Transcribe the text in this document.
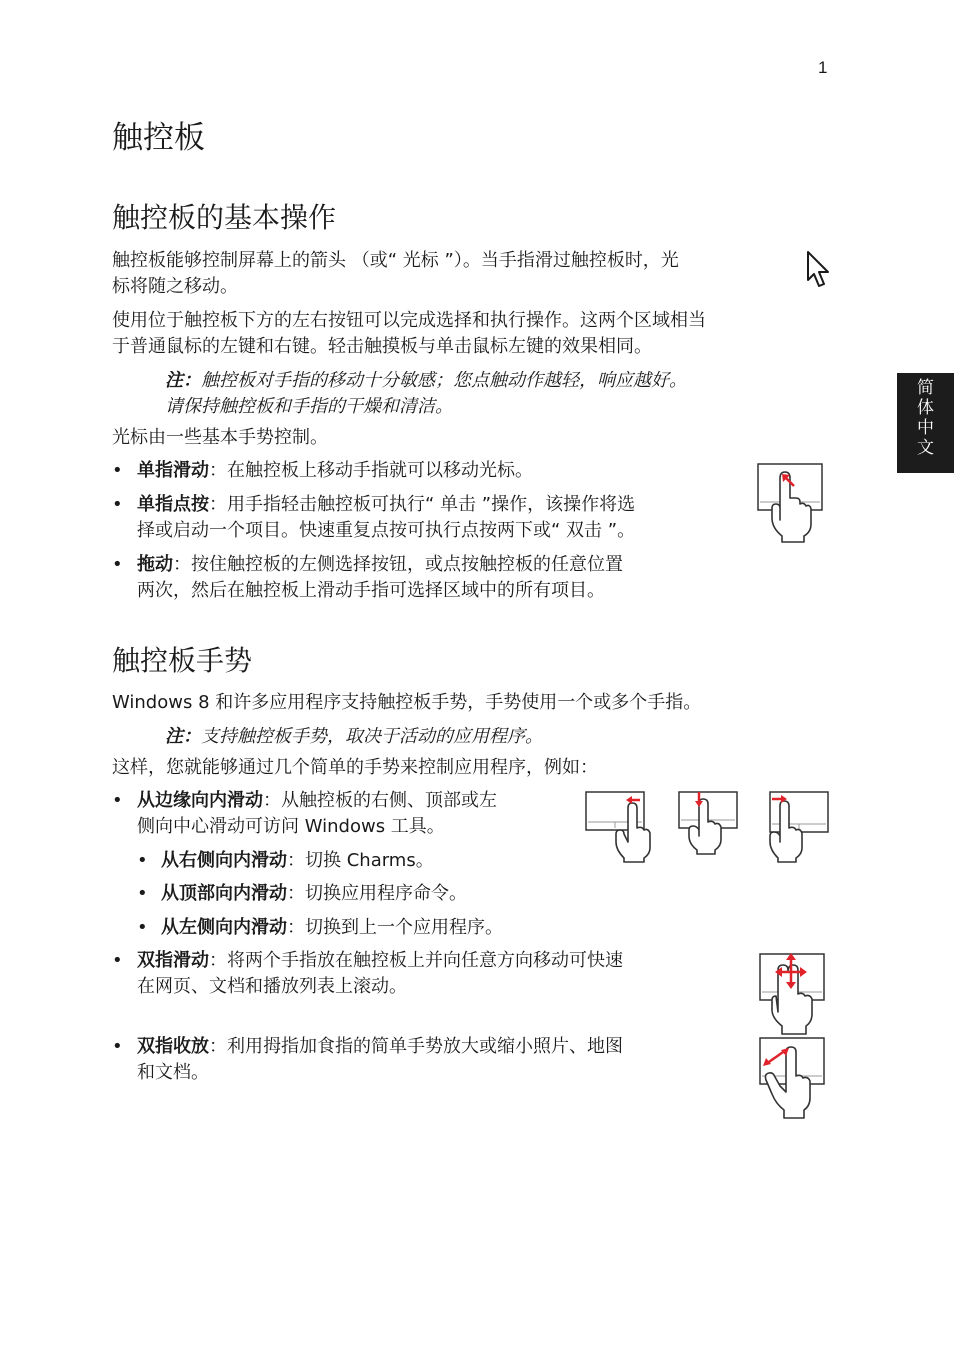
1
简
体
中
文
触控板
触控板的基本操作
触控板能够控制屏幕上的箭头 （或“ 光标 ”）。当手指滑过触控板时，光
标将随之移动。
使用位于触控板下方的左右按钮可以完成选择和执行操作。这两个区域相当
于普通鼠标的左键和右键。轻击触摸板与单击鼠标左键的效果相同。
注：触控板对手指的移动十分敏感；您点触动作越轻，响应越好。
请保持触控板和手指的干燥和清洁。
光标由一些基本手势控制。
• 单指滑动：在触控板上移动手指就可以移动光标。
• 单指点按：用手指轻击触控板可执行“ 单击 ”操作，该操作将选
择或启动一个项目。快速重复点按可执行点按两下或“ 双击 ”。
• 拖动：按住触控板的左侧选择按钮，或点按触控板的任意位置
两次，然后在触控板上滑动手指可选择区域中的所有项目。
触控板手势
Windows 8 和许多应用程序支持触控板手势，手势使用一个或多个手指。
注：支持触控板手势，取决于活动的应用程序。
这样，您就能够通过几个简单的手势来控制应用程序，例如：
• 从边缘向内滑动：从触控板的右侧、顶部或左
侧向中心滑动可访问 Windows 工具。
• 从右侧向内滑动：切换 Charms。
• 从顶部向内滑动：切换应用程序命令。
• 从左侧向内滑动：切换到上一个应用程序。
• 双指滑动：将两个手指放在触控板上并向任意方向移动可快速
在网页、文档和播放列表上滚动。
• 双指收放：利用拇指加食指的简单手势放大或缩小照片、地图
和文档。
